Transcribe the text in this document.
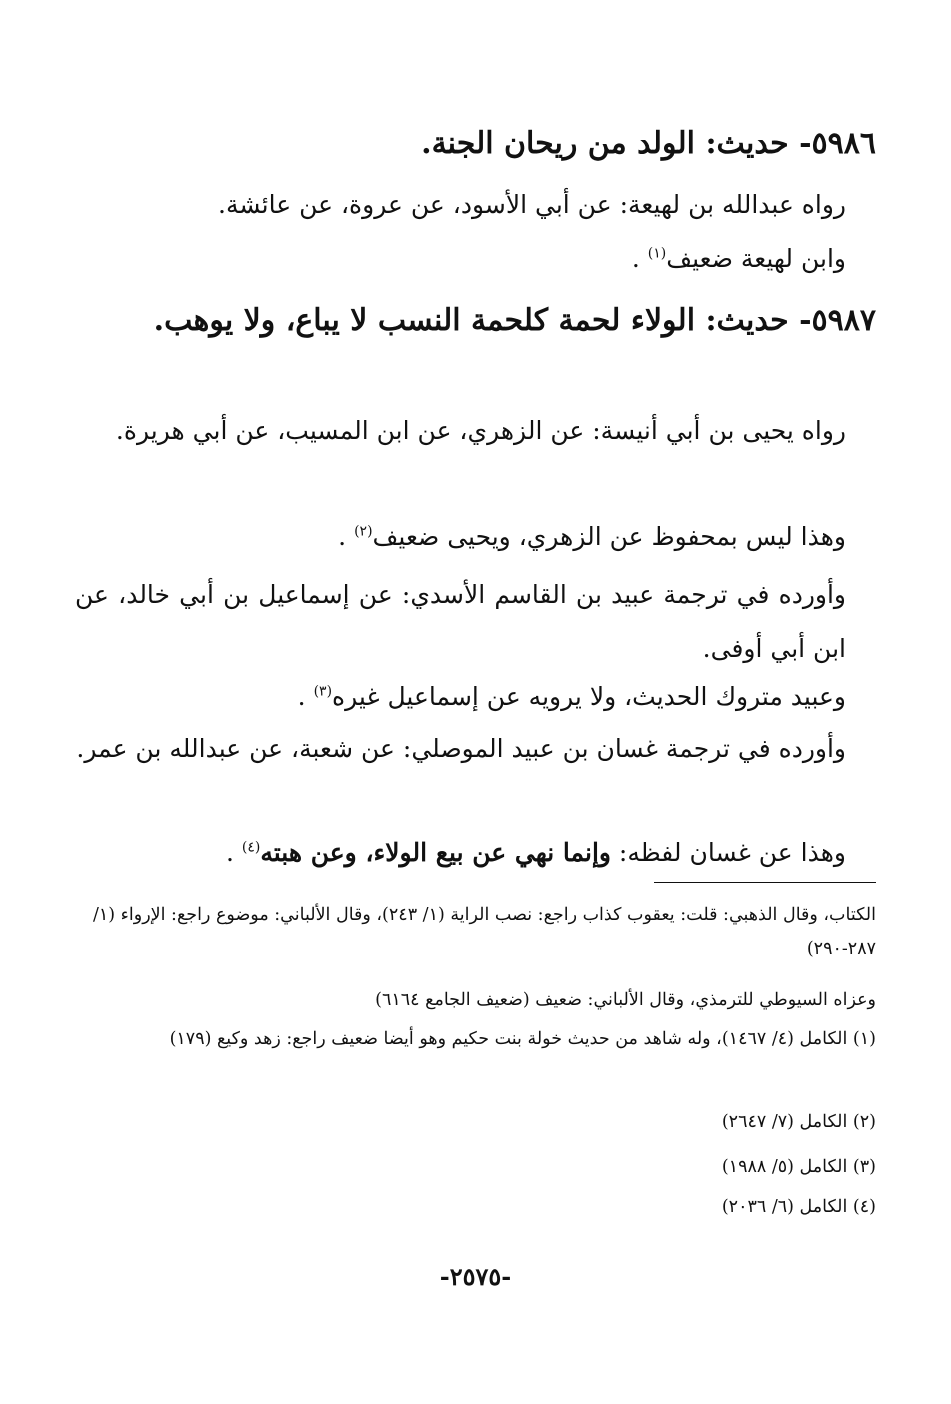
٥٩٨٦- حديث: الولد من ريحان الجنة.
رواه عبدالله بن لهيعة: عن أبي الأسود، عن عروة، عن عائشة.
وابن لهيعة ضعيف$^{(١)}$ .
٥٩٨٧- حديث: الولاء لحمة كلحمة النسب لا يباع، ولا يوهب.
رواه يحيى بن أبي أنيسة: عن الزهري، عن ابن المسيب، عن أبي هريرة.
وهذا ليس بمحفوظ عن الزهري، ويحيى ضعيف$^{(٢)}$ .
وأورده في ترجمة عبيد بن القاسم الأسدي: عن إسماعيل بن أبي خالد، عن ابن أبي أوفى.
وعبيد متروك الحديث، ولا يرويه عن إسماعيل غيره$^{(٣)}$ .
وأورده في ترجمة غسان بن عبيد الموصلي: عن شعبة، عن عبدالله بن عمر.
وهذا عن غسان لفظه: وإنما نهي عن بيع الولاء، وعن هبته$^{(٤)}$ .
الكتاب، وقال الذهبي: قلت: يعقوب كذاب راجع: نصب الراية (١/ ٢٤٣)، وقال الألباني: موضوع راجع: الإرواء (١/ ٢٨٧-٢٩٠)
وعزاه السيوطي للترمذي، وقال الألباني: ضعيف (ضعيف الجامع ٦١٦٤)
(١) الكامل (٤/ ١٤٦٧)، وله شاهد من حديث خولة بنت حكيم وهو أيضا ضعيف راجع: زهد وكيع (١٧٩)
(٢) الكامل (٧/ ٢٦٤٧)
(٣) الكامل (٥/ ١٩٨٨)
(٤) الكامل (٦/ ٢٠٣٦)
-٢٥٧٥-
